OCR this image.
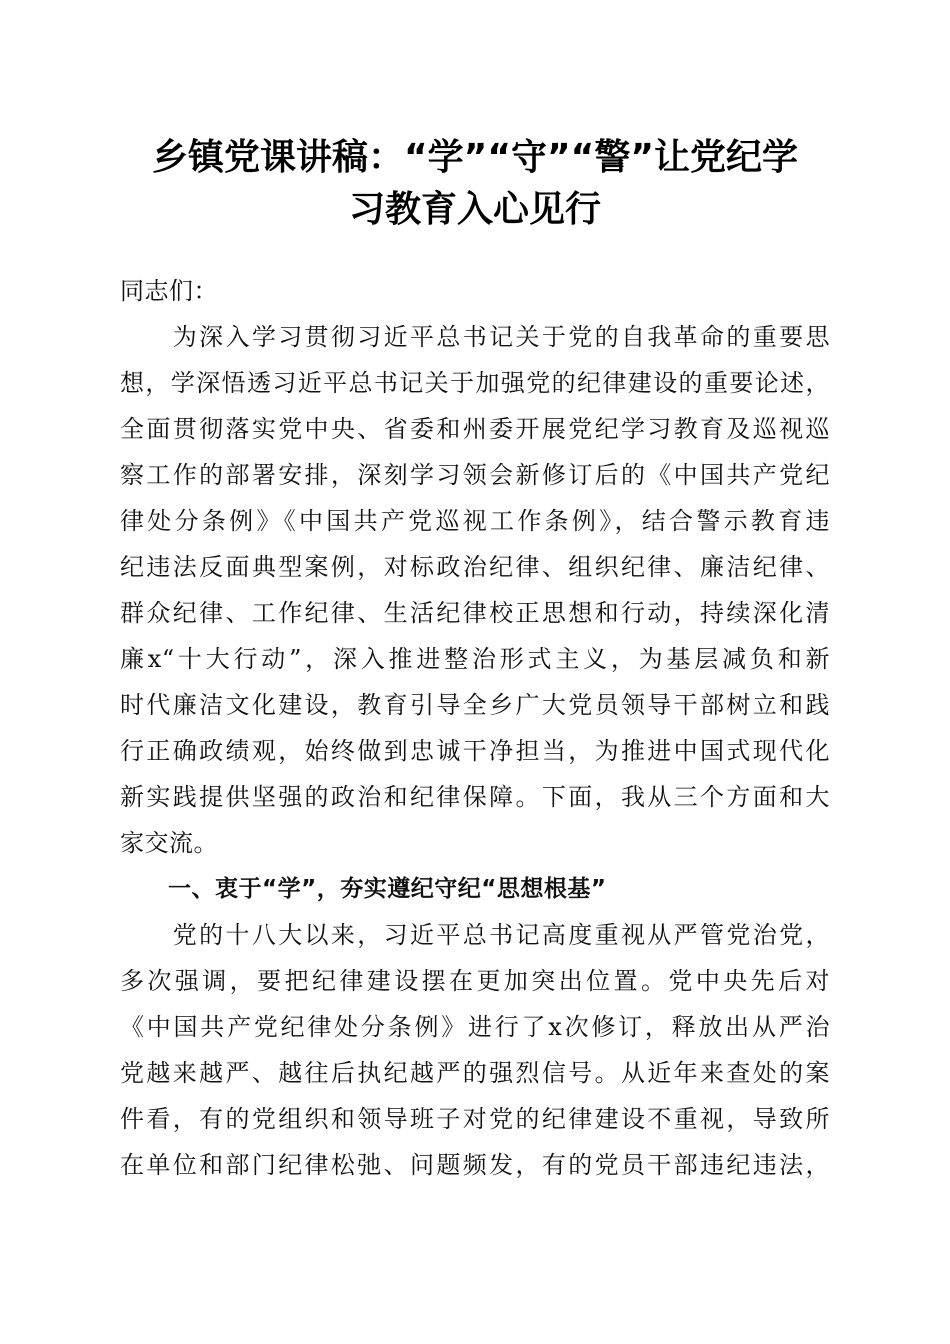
乡镇党课讲稿：“学”“守”“警”让党纪学
习教育入心见行
同志们：
　　为深入学习贯彻习近平总书记关于党的自我革命的重要思
想，学深悟透习近平总书记关于加强党的纪律建设的重要论述，
全面贯彻落实党中央、省委和州委开展党纪学习教育及巡视巡
察工作的部署安排，深刻学习领会新修订后的《中国共产党纪
律处分条例》《中国共产党巡视工作条例》，结合警示教育违
纪违法反面典型案例，对标政治纪律、组织纪律、廉洁纪律、
群众纪律、工作纪律、生活纪律校正思想和行动，持续深化清
廉x“十大行动”，深入推进整治形式主义，为基层减负和新
时代廉洁文化建设，教育引导全乡广大党员领导干部树立和践
行正确政绩观，始终做到忠诚干净担当，为推进中国式现代化
新实践提供坚强的政治和纪律保障。下面，我从三个方面和大
家交流。
一、衷于“学”，夯实遵纪守纪“思想根基”
　　党的十八大以来，习近平总书记高度重视从严管党治党，
多次强调，要把纪律建设摆在更加突出位置。党中央先后对
《中国共产党纪律处分条例》进行了x次修订，释放出从严治
党越来越严、越往后执纪越严的强烈信号。从近年来查处的案
件看，有的党组织和领导班子对党的纪律建设不重视，导致所
在单位和部门纪律松弛、问题频发，有的党员干部违纪违法，
